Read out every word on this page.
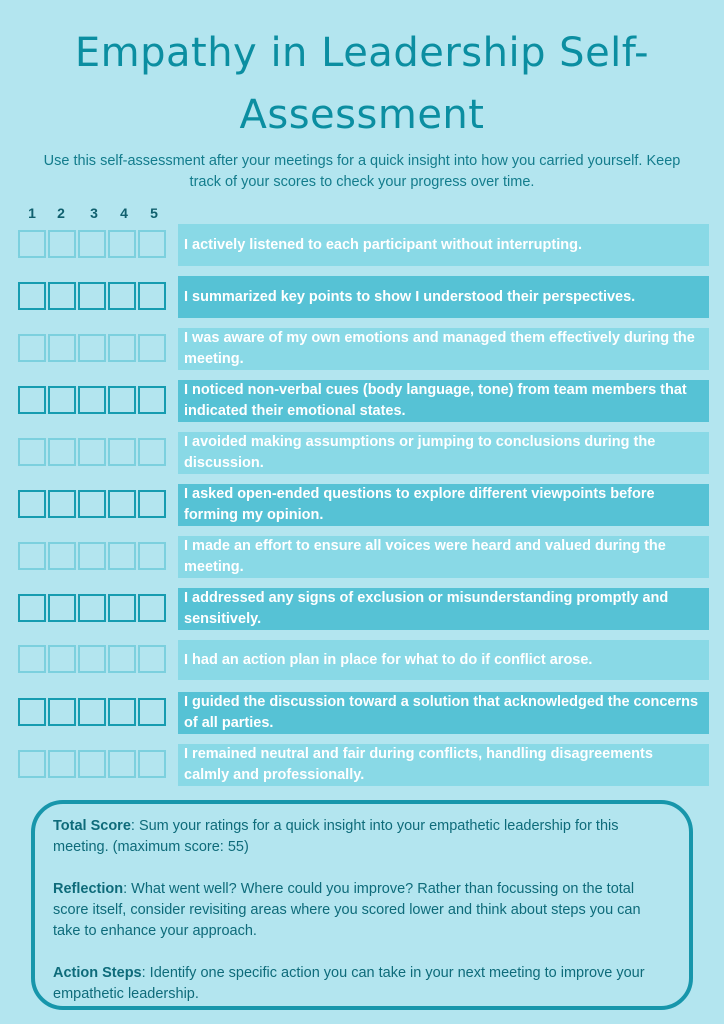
Empathy in Leadership Self-
Assessment

Use this self-assessment after your meetings for a quick insight into how you carried yourself. Keep track of your scores to check your progress over time.

1	2	3	4	5
I actively listened to each participant without interrupting.
I summarized key points to show I understood their perspectives.
I was aware of my own emotions and managed them effectively during the meeting.
I noticed non-verbal cues (body language, tone) from team members that indicated their emotional states.
I avoided making assumptions or jumping to conclusions during the discussion.
I asked open-ended questions to explore different viewpoints before forming my opinion.
I made an effort to ensure all voices were heard and valued during the meeting.
I addressed any signs of exclusion or misunderstanding promptly and sensitively.
I had an action plan in place for what to do if conflict arose.
I guided the discussion toward a solution that acknowledged the concerns of all parties.
I remained neutral and fair during conflicts, handling disagreements calmly and professionally.

Total Score: Sum your ratings for a quick insight into your empathetic leadership for this meeting. (maximum score: 55)

Reflection: What went well? Where could you improve? Rather than focussing on the total score itself, consider revisiting areas where you scored lower and think about steps you can take to enhance your approach.

Action Steps: Identify one specific action you can take in your next meeting to improve your empathetic leadership.
